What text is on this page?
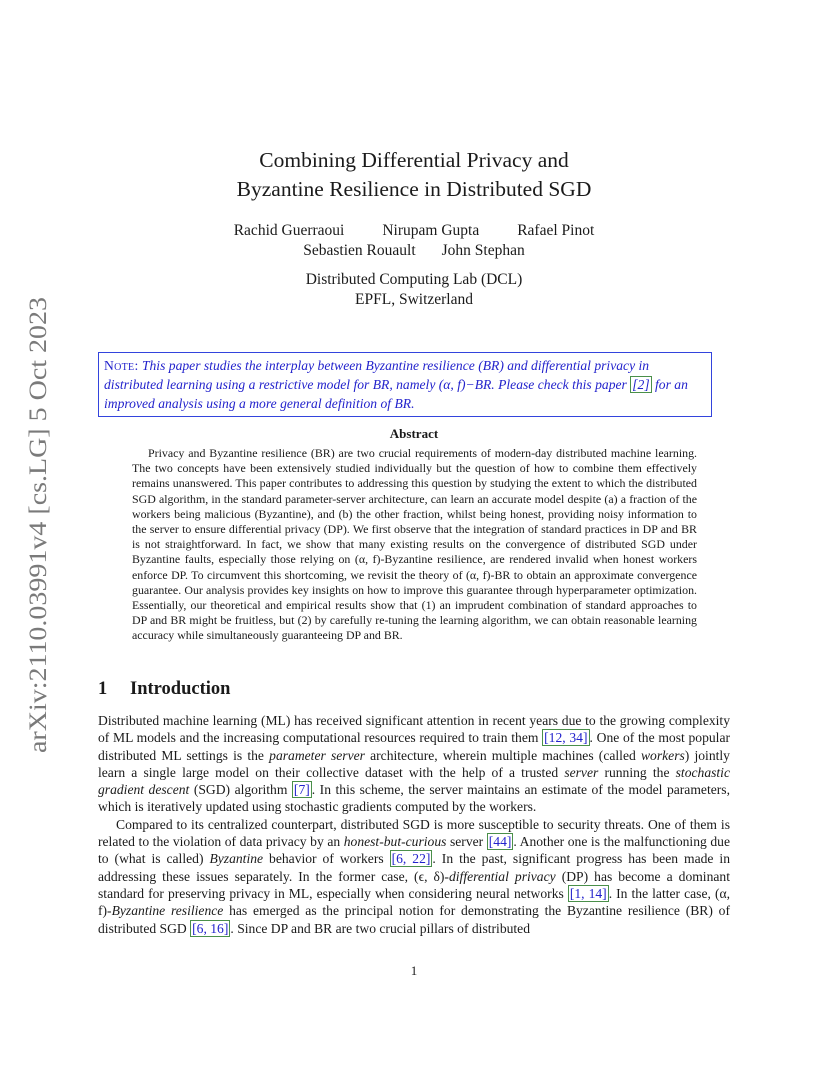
arXiv:2110.03991v4 [cs.LG] 5 Oct 2023
Combining Differential Privacy and
Byzantine Resilience in Distributed SGD
Rachid Guerraoui Nirupam Gupta Rafael Pinot
Sebastien Rouault John Stephan
Distributed Computing Lab (DCL)
EPFL, Switzerland
Note: This paper studies the interplay between Byzantine resilience (BR) and differential privacy in distributed learning using a restrictive model for BR, namely (α, f)−BR. Please check this paper [2] for an improved analysis using a more general definition of BR.
Abstract

Privacy and Byzantine resilience (BR) are two crucial requirements of modern-day distributed machine learning. The two concepts have been extensively studied individually but the question of how to combine them effectively remains unanswered. This paper contributes to addressing this question by studying the extent to which the distributed SGD algorithm, in the standard parameter-server architecture, can learn an accurate model despite (a) a fraction of the workers being malicious (Byzantine), and (b) the other fraction, whilst being honest, providing noisy information to the server to ensure differential privacy (DP). We first observe that the integration of standard practices in DP and BR is not straightforward. In fact, we show that many existing results on the convergence of distributed SGD under Byzantine faults, especially those relying on (α, f)-Byzantine resilience, are rendered invalid when honest workers enforce DP. To circumvent this shortcoming, we revisit the theory of (α, f)-BR to obtain an approximate convergence guarantee. Our analysis provides key insights on how to improve this guarantee through hyperparameter optimization. Essentially, our theoretical and empirical results show that (1) an imprudent combination of standard approaches to DP and BR might be fruitless, but (2) by carefully re-tuning the learning algorithm, we can obtain reasonable learning accuracy while simultaneously guaranteeing DP and BR.

1 Introduction

Distributed machine learning (ML) has received significant attention in recent years due to the growing complexity of ML models and the increasing computational resources required to train them [12, 34] . One of the most popular distributed ML settings is the parameter server architecture, wherein multiple machines (called workers) jointly learn a single large model on their collective dataset with the help of a trusted server running the stochastic gradient descent (SGD) algorithm [7] . In this scheme, the server maintains an estimate of the model parameters, which is iteratively updated using stochastic gradients computed by the workers.

Compared to its centralized counterpart, distributed SGD is more susceptible to security threats. One of them is related to the violation of data privacy by an honest-but-curious server [44] . Another one is the malfunctioning due to (what is called) Byzantine behavior of workers [6, 22] . In the past, significant progress has been made in addressing these issues separately. In the former case, (ϵ, δ)-differential privacy (DP) has become a dominant standard for preserving privacy in ML, especially when considering neural networks [1, 14] . In the latter case, (α, f)-Byzantine resilience has emerged as the principal notion for demonstrating the Byzantine resilience (BR) of distributed SGD [6, 16] . Since DP and BR are two crucial pillars of distributed

1
